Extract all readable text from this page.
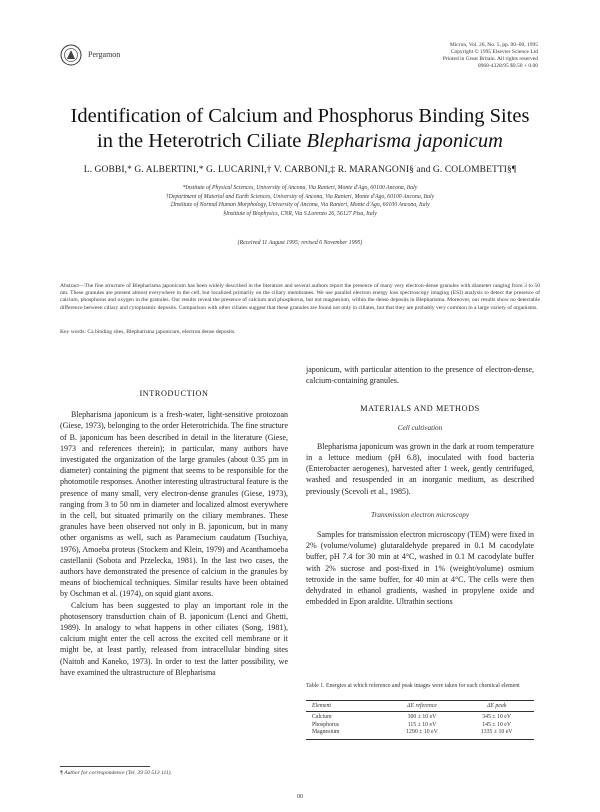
Pergamon
Micron, Vol. 26, No. 5, pp. 00–00, 1995
Copyright © 1995 Elsevier Science Ltd
Printed in Great Britain. All rights reserved
0968-4328/95 $9.50 + 0.00
Identification of Calcium and Phosphorus Binding Sites
in the Heterotrich Ciliate Blepharisma japonicum
L. GOBBI,* G. ALBERTINI,* G. LUCARINI,† V. CARBONI,‡ R. MARANGONI§ and G. COLOMBETTI§¶
*Institute of Physical Sciences, University of Ancona, Via Ranieri, Monte d'Ago, 60100 Ancona, Italy
†Department of Material and Earth Sciences, University of Ancona, Via Ranieri, Monte d'Ago, 60100 Ancona, Italy
‡Institute of Normal Human Morphology, University of Ancona, Via Ranieri, Monte d'Ago, 60100 Ancona, Italy
§Institute of Biophysics, CNR, Via S.Lorenzo 26, 56127 Pisa, Italy
(Received 11 August 1995; revised 6 November 1995)
Abstract—The fine structure of Blepharisma japonicum has been widely described in the literature and several authors report the presence of many very electron-dense granules with diameter ranging from 3 to 50 nm. These granules are present almost everywhere in the cell, but localized primarily on the ciliary membranes. We use parallel electron energy loss spectroscopy imaging (ESI) analysis to detect the presence of calcium, phosphorus and oxygen in the granules. Our results reveal the presence of calcium and phosphorus, but not magnesium, within the dense deposits in Blepharisma. Moreover, our results show no detectable difference between ciliary and cytoplasmic deposits. Comparison with other ciliates suggest that these granules are found not only in ciliates, but that they are probably very common in a large variety of organisms.
Key words: Ca binding sites, Blepharisma japonicum, electron dense deposits.
INTRODUCTION

Blepharisma japonicum is a fresh-water, light-sensitive protozoan (Giese, 1973), belonging to the order Heterotrichida. The fine structure of B. japonicum has been described in detail in the literature (Giese, 1973 and references therein); in particular, many authors have investigated the organization of the large granules (about 0.35 µm in diameter) containing the pigment that seems to be responsible for the photomotile responses. Another interesting ultrastructural feature is the presence of many small, very electron-dense granules (Giese, 1973), ranging from 3 to 50 nm in diameter and localized almost everywhere in the cell, but situated primarily on the ciliary membranes. These granules have been observed not only in B. japonicum, but in many other organisms as well, such as Paramecium caudatum (Tsuchiya, 1976), Amoeba proteus (Stockem and Klein, 1979) and Acanthamoeba castellanii (Sobota and Przelecka, 1981). In the last two cases, the authors have demonstrated the presence of calcium in the granules by means of biochemical techniques. Similar results have been obtained by Oschman et al. (1974), on squid giant axons.

Calcium has been suggested to play an important role in the photosensory transduction chain of B. japonicum (Lenci and Ghetti, 1989). In analogy to what happens in other ciliates (Song, 1981), calcium might enter the cell across the excited cell membrane or it might be, at least partly, released from intracellular binding sites (Naitoh and Kaneko, 1973). In order to test the latter possibility, we have examined the ultrastructure of Blepharisma

japonicum, with particular attention to the presence of electron-dense, calcium-containing granules.

MATERIALS AND METHODS
Cell cultivation

Blepharisma japonicum was grown in the dark at room temperature in a lettuce medium (pH 6.8), inoculated with food bacteria (Enterobacter aerogenes), harvested after 1 week, gently centrifuged, washed and resuspended in an inorganic medium, as described previously (Scevoli et al., 1985).

Transmission electron microscopy

Samples for transmission electron microscopy (TEM) were fixed in 2% (volume/volume) glutaraldehyde prepared in 0.1 M cacodylate buffer, pH 7.4 for 30 min at 4°C, washed in 0.1 M cacodylate buffer with 2% sucrose and post-fixed in 1% (weight/volume) osmium tetroxide in the same buffer, for 40 min at 4°C. The cells were then dehydrated in ethanol gradients, washed in propylene oxide and embedded in Epon araldite. Ultrathin sections

Table 1. Energies at which reference and peak images were taken for each chemical element
Element	ΔE reference	ΔE peak
Calcium	300 ± 10 eV	345 ± 10 eV
Phosphorus	115 ± 10 eV	145 ± 10 eV
Magnesium	1290 ± 10 eV	1335 ± 10 eV
¶ Author for correspondence (Tel. 39 50 513 111).
00
